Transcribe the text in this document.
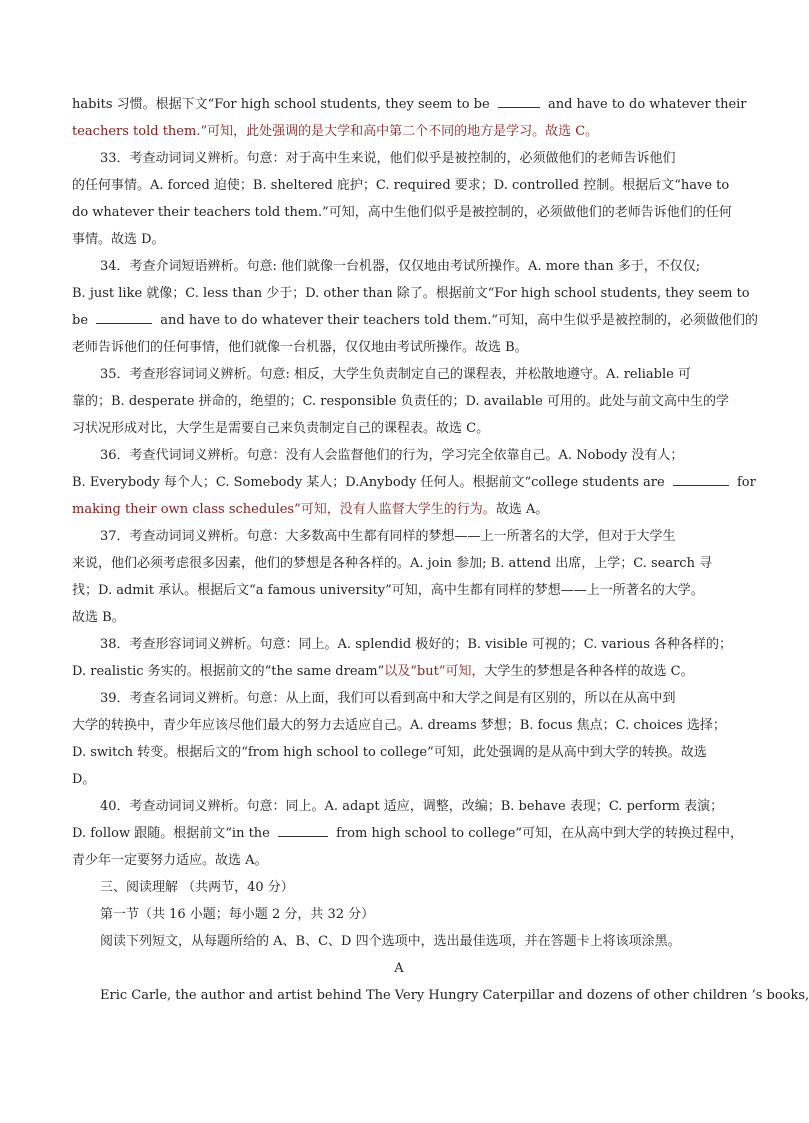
habits 习惯。根据下文“For high school students, they seem to be	and have to do whatever their
teachers told them.”可知，此处强调的是大学和高中第二个不同的地方是学习。故选 C。

33．考查动词词义辨析。句意：对于高中生来说，他们似乎是被控制的，必须做他们的老师告诉他们
的任何事情。A. forced 迫使；B. sheltered 庇护；C. required 要求；D. controlled 控制。根据后文“have to
do whatever their teachers told them.”可知，高中生他们似乎是被控制的，必须做他们的老师告诉他们的任何
事情。故选 D。

34．考查介词短语辨析。句意: 他们就像一台机器，仅仅地由考试所操作。A. more than 多于，不仅仅;
B. just like 就像；C. less than 少于；D. other than 除了。根据前文“For high school students, they seem to
be	and have to do whatever their teachers told them.”可知，高中生似乎是被控制的，必须做他们的
老师告诉他们的任何事情，他们就像一台机器，仅仅地由考试所操作。故选 B。

35．考查形容词词义辨析。句意: 相反，大学生负责制定自己的课程表，并松散地遵守。A. reliable 可
靠的；B. desperate 拼命的，绝望的；C. responsible 负责任的；D. available 可用的。此处与前文高中生的学
习状况形成对比，大学生是需要自己来负责制定自己的课程表。故选 C。

36．考查代词词义辨析。句意：没有人会监督他们的行为，学习完全依靠自己。A. Nobody 没有人；
B. Everybody 每个人；C. Somebody 某人；D.Anybody 任何人。根据前文“college students are	for
making their own class schedules”可知，没有人监督大学生的行为。故选 A。

37．考查动词词义辨析。句意：大多数高中生都有同样的梦想——上一所著名的大学，但对于大学生
来说，他们必须考虑很多因素，他们的梦想是各种各样的。A. join 参加; B. attend 出席，上学；C. search 寻
找；D. admit 承认。根据后文“a famous university”可知，高中生都有同样的梦想——上一所著名的大学。
故选 B。

38．考查形容词词义辨析。句意：同上。A. splendid 极好的；B. visible 可视的；C. various 各种各样的；
D. realistic 务实的。根据前文的“the same dream”以及“but”可知，大学生的梦想是各种各样的故选 C。

39．考查名词词义辨析。句意：从上面，我们可以看到高中和大学之间是有区别的，所以在从高中到
大学的转换中，青少年应该尽他们最大的努力去适应自己。A. dreams 梦想；B. focus 焦点；C. choices 选择；
D. switch 转变。根据后文的“from high school to college”可知，此处强调的是从高中到大学的转换。故选
D。

40．考查动词词义辨析。句意：同上。A. adapt 适应，调整，改编；B. behave 表现；C. perform 表演；
D. follow 跟随。根据前文“in the	from high school to college”可知，在从高中到大学的转换过程中，
青少年一定要努力适应。故选 A。

三、阅读理解 （共两节，40 分）
第一节（共 16 小题；每小题 2 分，共 32 分）
阅读下列短文，从每题所给的 A、B、C、D 四个选项中，选出最佳选项，并在答题卡上将该项涂黑。
A
Eric Carle, the author and artist behind The Very Hungry Caterpillar and dozens of other children ’s books,
